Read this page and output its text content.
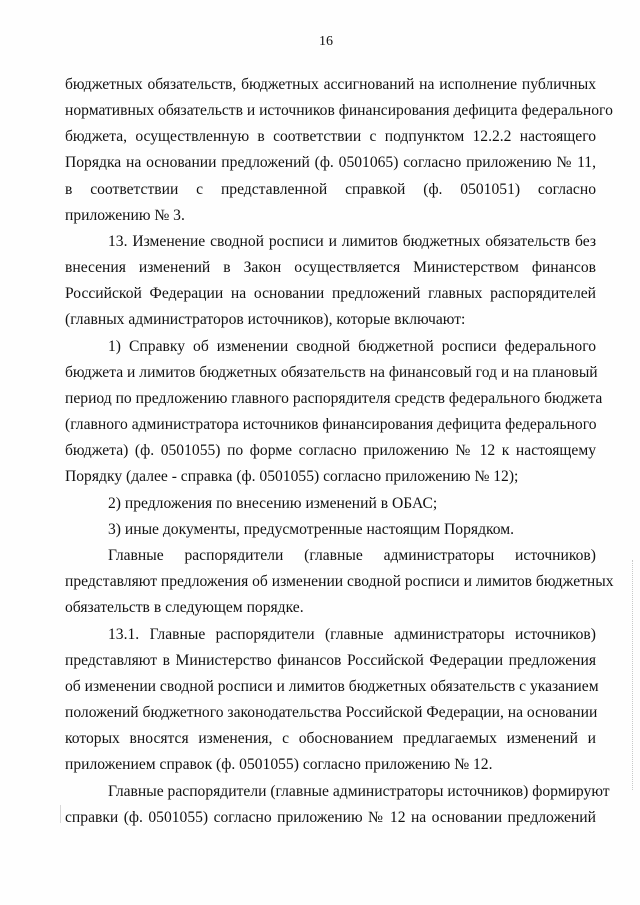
16
бюджетных обязательств, бюджетных ассигнований на исполнение публичных
нормативных обязательств и источников финансирования дефицита федерального
бюджета, осуществленную в соответствии с подпунктом 12.2.2 настоящего
Порядка на основании предложений (ф. 0501065) согласно приложению № 11,
в соответствии с представленной справкой (ф. 0501051) согласно
приложению № 3.
13. Изменение сводной росписи и лимитов бюджетных обязательств без
внесения изменений в Закон осуществляется Министерством финансов
Российской Федерации на основании предложений главных распорядителей
(главных администраторов источников), которые включают:
1) Справку об изменении сводной бюджетной росписи федерального
бюджета и лимитов бюджетных обязательств на финансовый год и на плановый
период по предложению главного распорядителя средств федерального бюджета
(главного администратора источников финансирования дефицита федерального
бюджета) (ф. 0501055) по форме согласно приложению № 12 к настоящему
Порядку (далее - справка (ф. 0501055) согласно приложению № 12);
2) предложения по внесению изменений в ОБАС;
3) иные документы, предусмотренные настоящим Порядком.
Главные распорядители (главные администраторы источников)
представляют предложения об изменении сводной росписи и лимитов бюджетных
обязательств в следующем порядке.
13.1. Главные распорядители (главные администраторы источников)
представляют в Министерство финансов Российской Федерации предложения
об изменении сводной росписи и лимитов бюджетных обязательств с указанием
положений бюджетного законодательства Российской Федерации, на основании
которых вносятся изменения, с обоснованием предлагаемых изменений и
приложением справок (ф. 0501055) согласно приложению № 12.
Главные распорядители (главные администраторы источников) формируют
справки (ф. 0501055) согласно приложению № 12 на основании предложений
